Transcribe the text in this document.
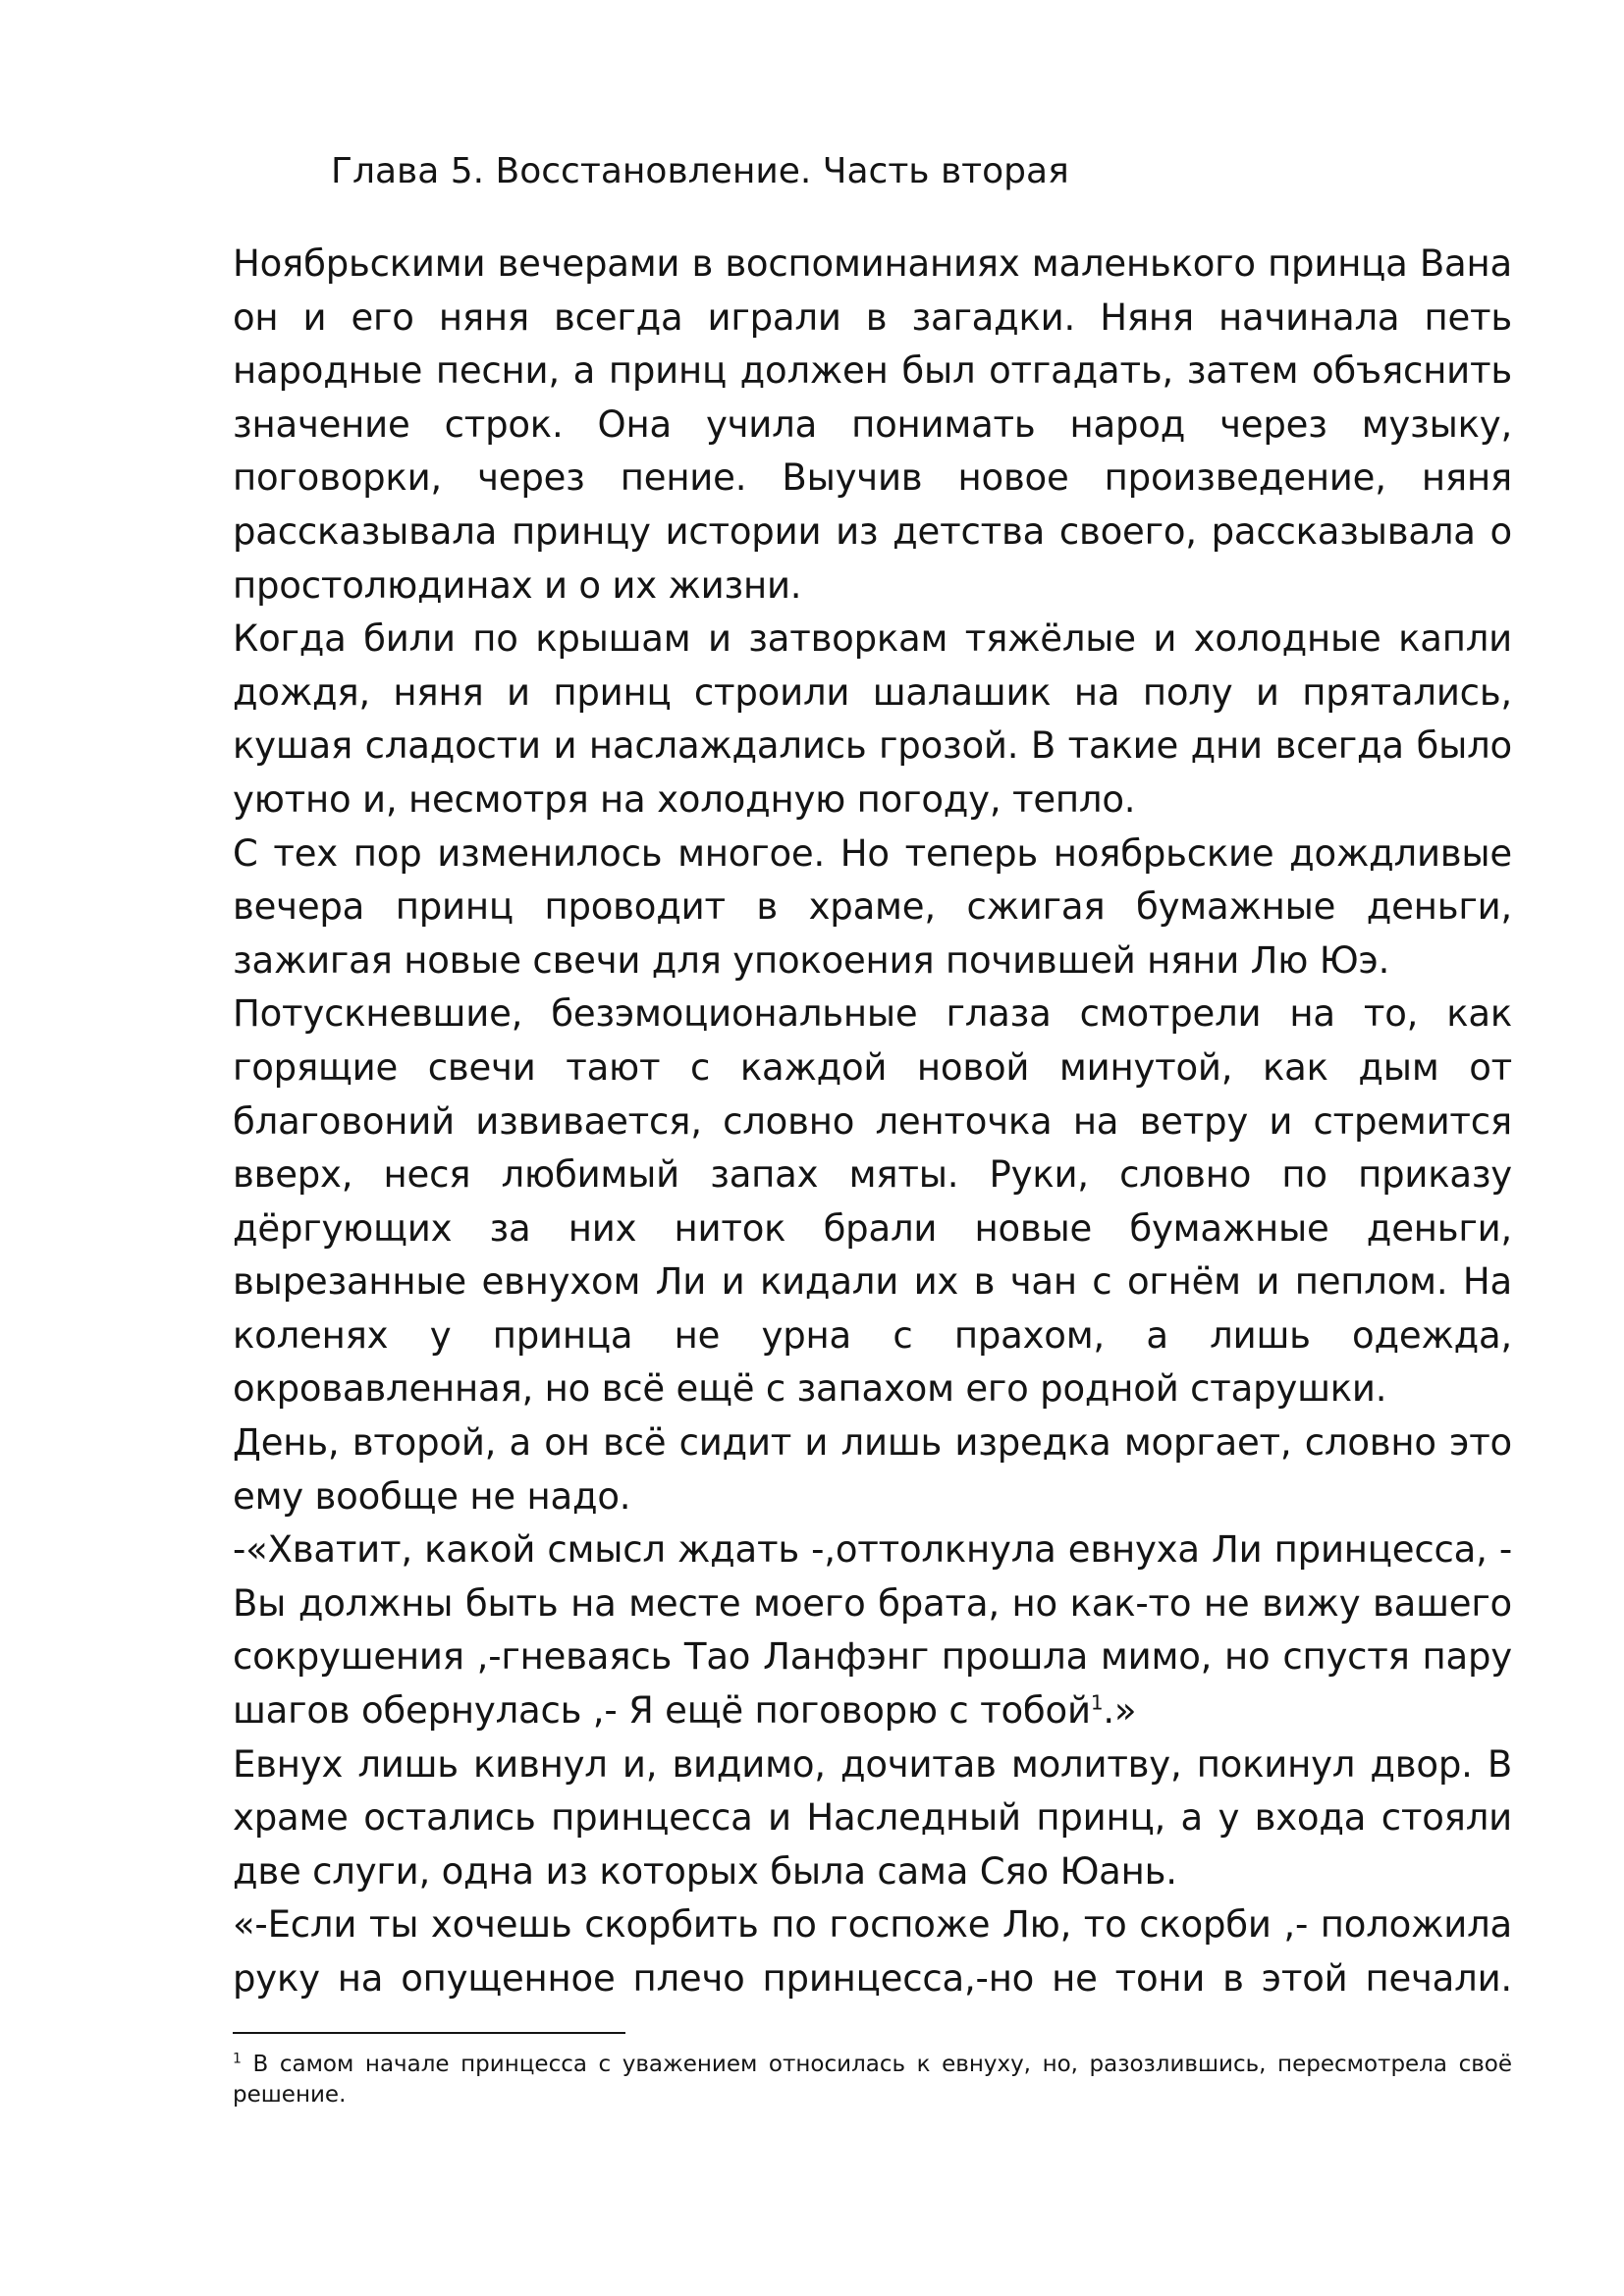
Глава 5. Восстановление. Часть вторая

Ноябрьскими вечерами в воспоминаниях маленького принца Вана он и его няня всегда играли в загадки. Няня начинала петь народные песни, а принц должен был отгадать, затем объяснить значение строк. Она учила понимать народ через музыку, поговорки, через пение. Выучив новое произведение, няня рассказывала принцу истории из детства своего, рассказывала о простолюдинах и о их жизни.

Когда били по крышам и затворкам тяжёлые и холодные капли дождя, няня и принц строили шалашик на полу и прятались, кушая сладости и наслаждались грозой. В такие дни всегда было уютно и, несмотря на холодную погоду, тепло.

С тех пор изменилось многое. Но теперь ноябрьские дождливые вечера принц проводит в храме, сжигая бумажные деньги, зажигая новые свечи для упокоения почившей няни Лю Юэ.

Потускневшие, безэмоциональные глаза смотрели на то, как горящие свечи тают с каждой новой минутой, как дым от благовоний извивается, словно ленточка на ветру и стремится вверх, неся любимый запах мяты. Руки, словно по приказу дёргующих за них ниток брали новые бумажные деньги, вырезанные евнухом Ли и кидали их в чан с огнём и пеплом. На коленях у принца не урна с прахом, а лишь одежда, окровавленная, но всё ещё с запахом его родной старушки.

День, второй, а он всё сидит и лишь изредка моргает, словно это ему вообще не надо.

-«Хватит, какой смысл ждать -,оттолкнула евнуха Ли принцесса, - Вы должны быть на месте моего брата, но как-то не вижу вашего сокрушения ,-гневаясь Тао Ланфэнг прошла мимо, но спустя пару шагов обернулась ,- Я ещё поговорю с тобой$^1$.»

Евнух лишь кивнул и, видимо, дочитав молитву, покинул двор. В храме остались принцесса и Наследный принц, а у входа стояли две слуги, одна из которых была сама Сяо Юань.

«-Если ты хочешь скорбить по госпоже Лю, то скорби ,- положила руку на опущенное плечо принцесса,-но не тони в этой печали.

$^1$ В самом начале принцесса с уважением относилась к евнуху, но, разозлившись, пересмотрела своё решение.
